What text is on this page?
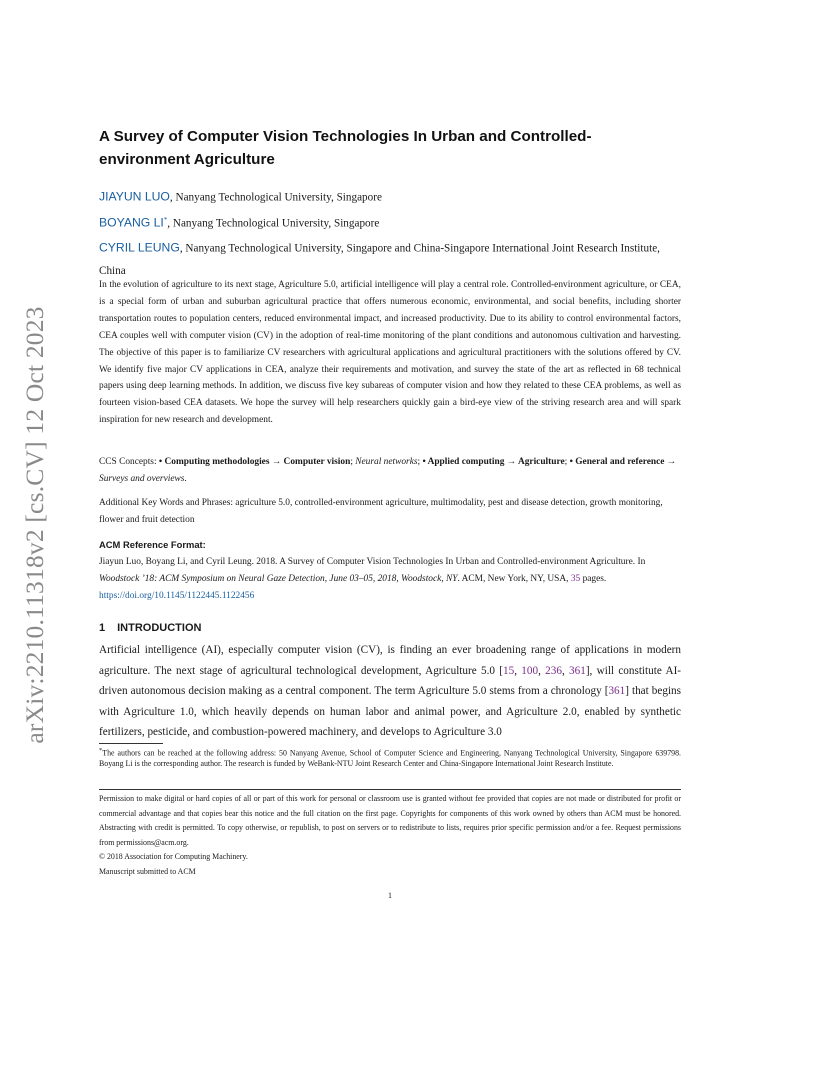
arXiv:2210.11318v2 [cs.CV] 12 Oct 2023
A Survey of Computer Vision Technologies In Urban and Controlled-environment Agriculture
JIAYUN LUO, Nanyang Technological University, Singapore
BOYANG LI*, Nanyang Technological University, Singapore
CYRIL LEUNG, Nanyang Technological University, Singapore and China-Singapore International Joint Research Institute, China

In the evolution of agriculture to its next stage, Agriculture 5.0, artificial intelligence will play a central role. Controlled-environment agriculture, or CEA, is a special form of urban and suburban agricultural practice that offers numerous economic, environmental, and social benefits, including shorter transportation routes to population centers, reduced environmental impact, and increased productivity. Due to its ability to control environmental factors, CEA couples well with computer vision (CV) in the adoption of real-time monitoring of the plant conditions and autonomous cultivation and harvesting. The objective of this paper is to familiarize CV researchers with agricultural applications and agricultural practitioners with the solutions offered by CV. We identify five major CV applications in CEA, analyze their requirements and motivation, and survey the state of the art as reflected in 68 technical papers using deep learning methods. In addition, we discuss five key subareas of computer vision and how they related to these CEA problems, as well as fourteen vision-based CEA datasets. We hope the survey will help researchers quickly gain a bird-eye view of the striving research area and will spark inspiration for new research and development.

CCS Concepts: • Computing methodologies → Computer vision; Neural networks; • Applied computing → Agriculture; • General and reference → Surveys and overviews.

Additional Key Words and Phrases: agriculture 5.0, controlled-environment agriculture, multimodality, pest and disease detection, growth monitoring, flower and fruit detection

ACM Reference Format:

Jiayun Luo, Boyang Li, and Cyril Leung. 2018. A Survey of Computer Vision Technologies In Urban and Controlled-environment Agriculture. In Woodstock ’18: ACM Symposium on Neural Gaze Detection, June 03–05, 2018, Woodstock, NY. ACM, New York, NY, USA, 35 pages. https://doi.org/10.1145/1122445.1122456

1 INTRODUCTION

Artificial intelligence (AI), especially computer vision (CV), is finding an ever broadening range of applications in modern agriculture. The next stage of agricultural technological development, Agriculture 5.0 [15, 100, 236, 361], will constitute AI-driven autonomous decision making as a central component. The term Agriculture 5.0 stems from a chronology [361] that begins with Agriculture 1.0, which heavily depends on human labor and animal power, and Agriculture 2.0, enabled by synthetic fertilizers, pesticide, and combustion-powered machinery, and develops to Agriculture 3.0

*The authors can be reached at the following address: 50 Nanyang Avenue, School of Computer Science and Engineering, Nanyang Technological University, Singapore 639798. Boyang Li is the corresponding author. The research is funded by WeBank-NTU Joint Research Center and China-Singapore International Joint Research Institute.

Permission to make digital or hard copies of all or part of this work for personal or classroom use is granted without fee provided that copies are not made or distributed for profit or commercial advantage and that copies bear this notice and the full citation on the first page. Copyrights for components of this work owned by others than ACM must be honored. Abstracting with credit is permitted. To copy otherwise, or republish, to post on servers or to redistribute to lists, requires prior specific permission and/or a fee. Request permissions from permissions@acm.org.

© 2018 Association for Computing Machinery.

Manuscript submitted to ACM

1
